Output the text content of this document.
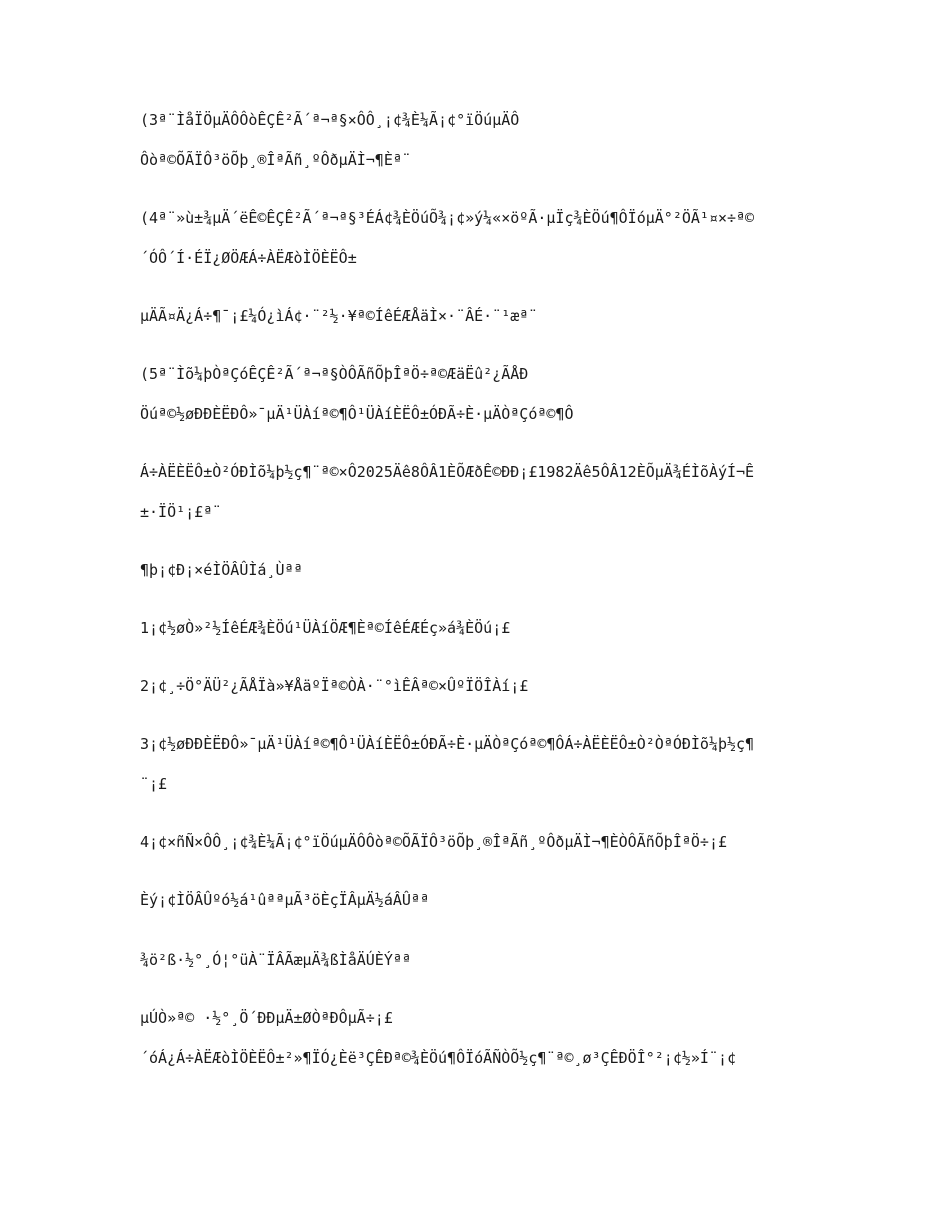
(3ª¨ÌåÏÖµÄÔÔòÊÇÊ²Ã´ª¬ª§×ÔÔ¸¡¢¾È¼Ã¡¢°ïÖúµÄÔ
Ôòª©ÕÃÏÔ³öÕþ¸®ÎªÃñ¸ºÔðµÄÌ¬¶Èª¨
(4ª¨»ù±¾µÄ´ëÊ©ÊÇÊ²Ã´ª¬ª§³ÉÁ¢¾ÈÖúÕ¾¡¢»ý¼«×öºÃ·µÏç¾ÈÖú¶ÔÏóµÄ°²ÖÃ¹¤×÷ª©
´ÓÔ´Í·ÉÏ¿ØÖÆÁ÷ÀËÆòÌÖÈËÔ±
µÄÃ¤Ä¿Á÷¶¯¡£¼Ó¿ìÁ¢·¨²½·¥ª©ÍêÉÆÅäÌ×·¨ÂÉ·¨¹æª¨
(5ª¨Ìõ¼þÒªÇóÊÇÊ²Ã´ª¬ª§ÒÔÃñÕþÎªÖ÷ª©ÆäËû²¿ÃÅÐ
Öúª©½øÐÐÈËÐÔ»¯µÄ¹ÜÀíª©¶Ô¹ÜÀíÈËÔ±ÓÐÃ÷È·µÄÒªÇóª©¶Ô
Á÷ÀËÈËÔ±Ò²ÓÐÌõ¼þ½ç¶¨ª©×Ô2025Äê8ÔÂ1ÈÕÆðÊ©ÐÐ¡£1982Äê5ÔÂ12ÈÕµÄ¾ÉÌõÀýÍ¬Ê
±·ÏÖ¹¡£ª¨
¶þ¡¢Ð¡×éÌÖÂÛÌá¸Ùªª
1¡¢½øÒ»²½ÍêÉÆ¾ÈÖú¹ÜÀíÖÆ¶Èª©ÍêÉÆÉç»á¾ÈÖú¡£
2¡¢¸÷Ö°ÄÜ²¿ÃÅÏà»¥ÅäºÏª©ÒÀ·¨°ìÊÂª©×ÛºÏÖÎÀí¡£
3¡¢½øÐÐÈËÐÔ»¯µÄ¹ÜÀíª©¶Ô¹ÜÀíÈËÔ±ÓÐÃ÷È·µÄÒªÇóª©¶ÔÁ÷ÀËÈËÔ±Ò²ÒªÓÐÌõ¼þ½ç¶
¨¡£
4¡¢×ñÑ×ÔÔ¸¡¢¾È¼Ã¡¢°ïÖúµÄÔÔòª©ÕÃÏÔ³öÕþ¸®ÎªÃñ¸ºÔðµÄÌ¬¶ÈÒÔÃñÕþÎªÖ÷¡£
Èý¡¢ÌÖÂÛºó½á¹ûªªµÃ³öÈçÏÂµÄ½áÂÛªª
¾ö²ß·½°¸Ó¦°üÀ¨ÏÂÃæµÄ¾ßÌåÄÚÈÝªª
µÚÒ»ª© ·½°¸Ö´ÐÐµÄ±ØÒªÐÔµÃ÷¡£
´óÁ¿Á÷ÀËÆòÌÖÈËÔ±²»¶ÏÓ¿Èë³ÇÊÐª©¾ÈÖú¶ÔÏóÃÑÒÕ½ç¶¨ª©¸ø³ÇÊÐÖÎ°²¡¢½»Í¨¡¢
